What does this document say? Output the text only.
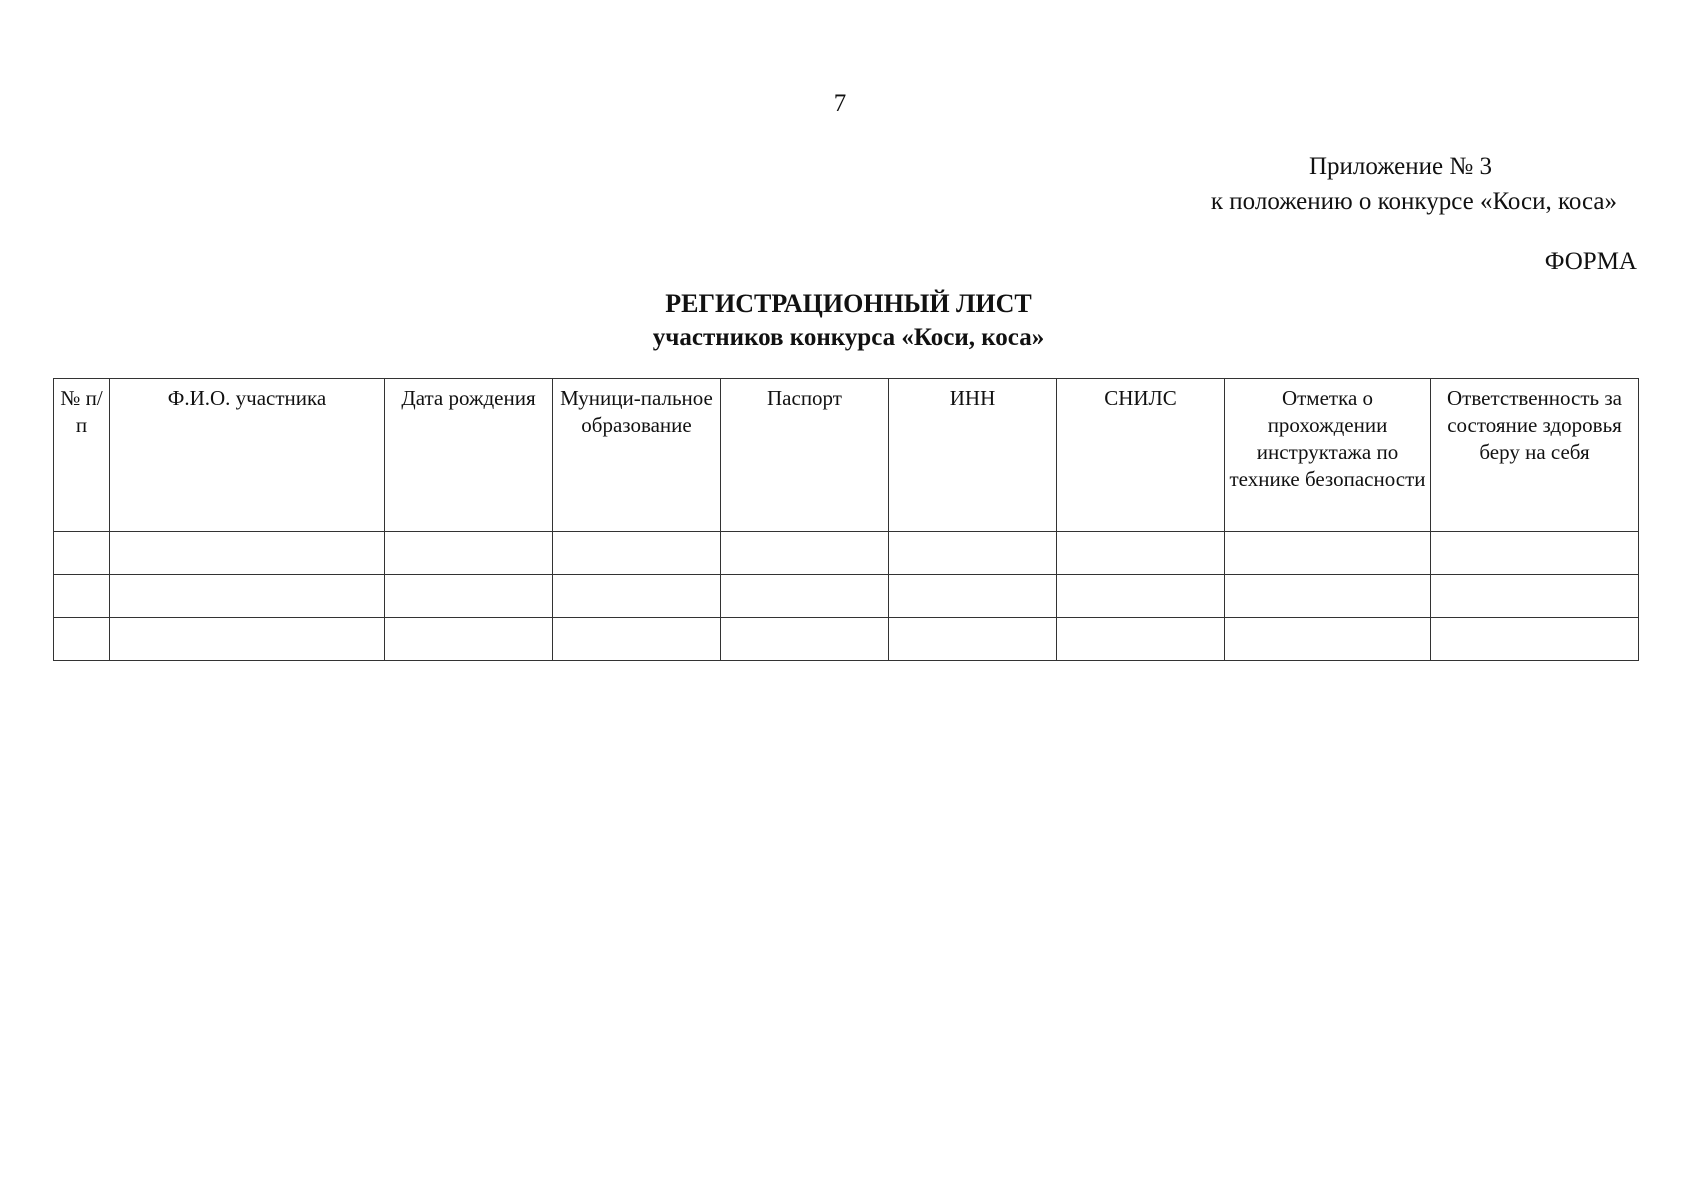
7
Приложение № 3
к положению о конкурсе «Коси, коса»
ФОРМА
РЕГИСТРАЦИОННЫЙ ЛИСТ
участников конкурса «Коси, коса»
№ п/п	Ф.И.О. участника	Дата рождения	Муници-пальное образование	Паспорт	ИНН	СНИЛС	Отметка о прохождении инструктажа по технике безопасности	Ответственность за состояние здоровья беру на себя
